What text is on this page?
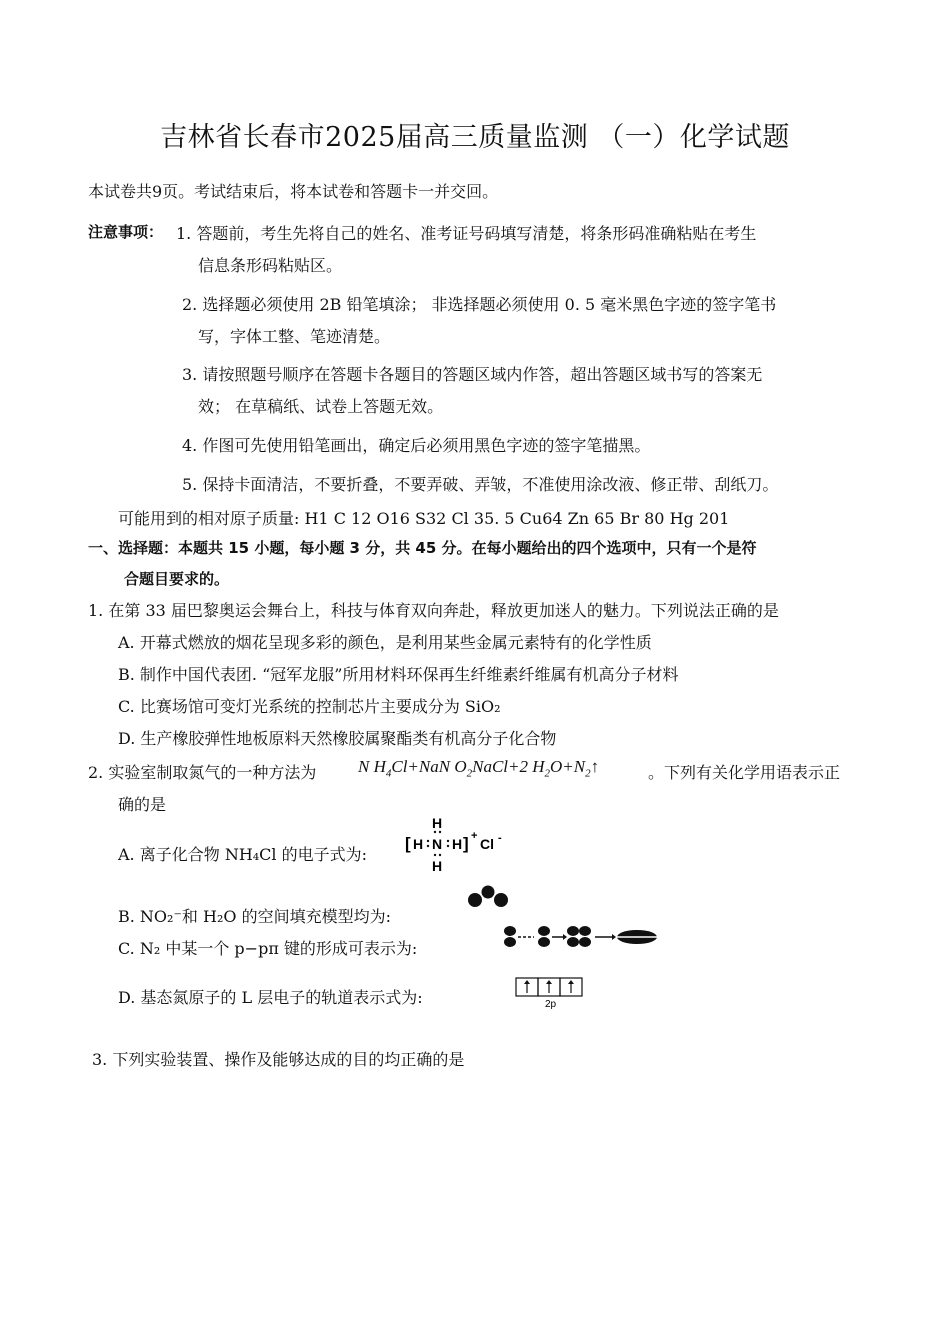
吉林省长春市2025届高三质量监测 （一）化学试题
本试卷共9页。考试结束后，将本试卷和答题卡一并交回。
注意事项： 1. 答题前，考生先将自己的姓名、准考证号码填写清楚，将条形码准确粘贴在考生
信息条形码粘贴区。
2. 选择题必须使用 2B 铅笔填涂； 非选择题必须使用 0. 5 毫米黑色字迹的签字笔书
写，字体工整、笔迹清楚。
3. 请按照题号顺序在答题卡各题目的答题区域内作答，超出答题区域书写的答案无
效； 在草稿纸、试卷上答题无效。
4. 作图可先使用铅笔画出，确定后必须用黑色字迹的签字笔描黑。
5. 保持卡面清洁，不要折叠，不要弄破、弄皱，不准使用涂改液、修正带、刮纸刀。
可能用到的相对原子质量: H1 C 12 O16 S32 Cl 35. 5 Cu64 Zn 65 Br 80 Hg 201
一、选择题：本题共 15 小题，每小题 3 分，共 45 分。在每小题给出的四个选项中，只有一个是符
合题目要求的。
1. 在第 33 届巴黎奥运会舞台上，科技与体育双向奔赴，释放更加迷人的魅力。下列说法正确的是
A. 开幕式燃放的烟花呈现多彩的颜色，是利用某些金属元素特有的化学性质
B. 制作中国代表团. “冠军龙服”所用材料环保再生纤维素纤维属有机高分子材料
C. 比赛场馆可变灯光系统的控制芯片主要成分为 SiO₂
D. 生产橡胶弹性地板原料天然橡胶属聚酯类有机高分子化合物
2. 实验室制取氮气的一种方法为 N $H_4Cl+NaN$ $O_2NaCl+2$ $H_2O+N_2↑$	。下列有关化学用语表示正
确的是
A. 离子化合物 NH₄Cl 的电子式为:
[ H N H
H
H
] + Cl -
B. NO₂⁻和 H₂O 的空间填充模型均为:
C. N₂ 中某一个 p−pπ 键的形成可表示为:
D. 基态氮原子的 L 层电子的轨道表示式为:	2p
3. 下列实验装置、操作及能够达成的目的均正确的是
